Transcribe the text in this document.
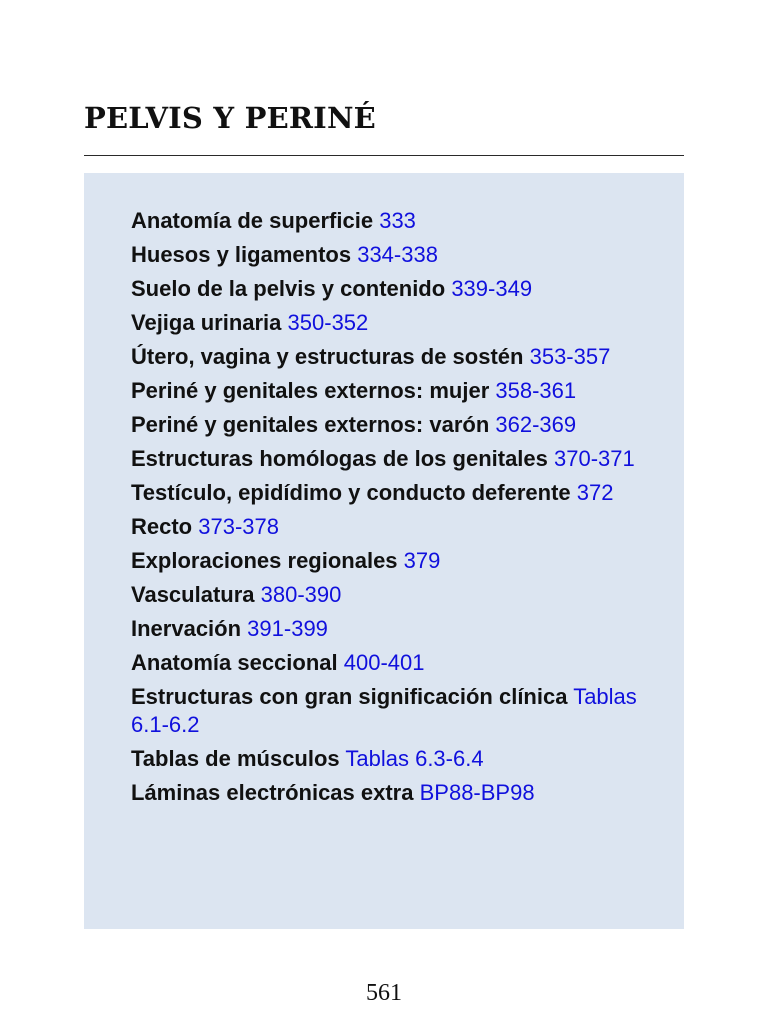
PELVIS Y PERINÉ
Anatomía de superficie 333
Huesos y ligamentos 334-338
Suelo de la pelvis y contenido 339-349
Vejiga urinaria 350-352
Útero, vagina y estructuras de sostén 353-357
Periné y genitales externos: mujer 358-361
Periné y genitales externos: varón 362-369
Estructuras homólogas de los genitales 370-371
Testículo, epidídimo y conducto deferente 372
Recto 373-378
Exploraciones regionales 379
Vasculatura 380-390
Inervación 391-399
Anatomía seccional 400-401
Estructuras con gran significación clínica Tablas 6.1-6.2
Tablas de músculos Tablas 6.3-6.4
Láminas electrónicas extra BP88-BP98
561
